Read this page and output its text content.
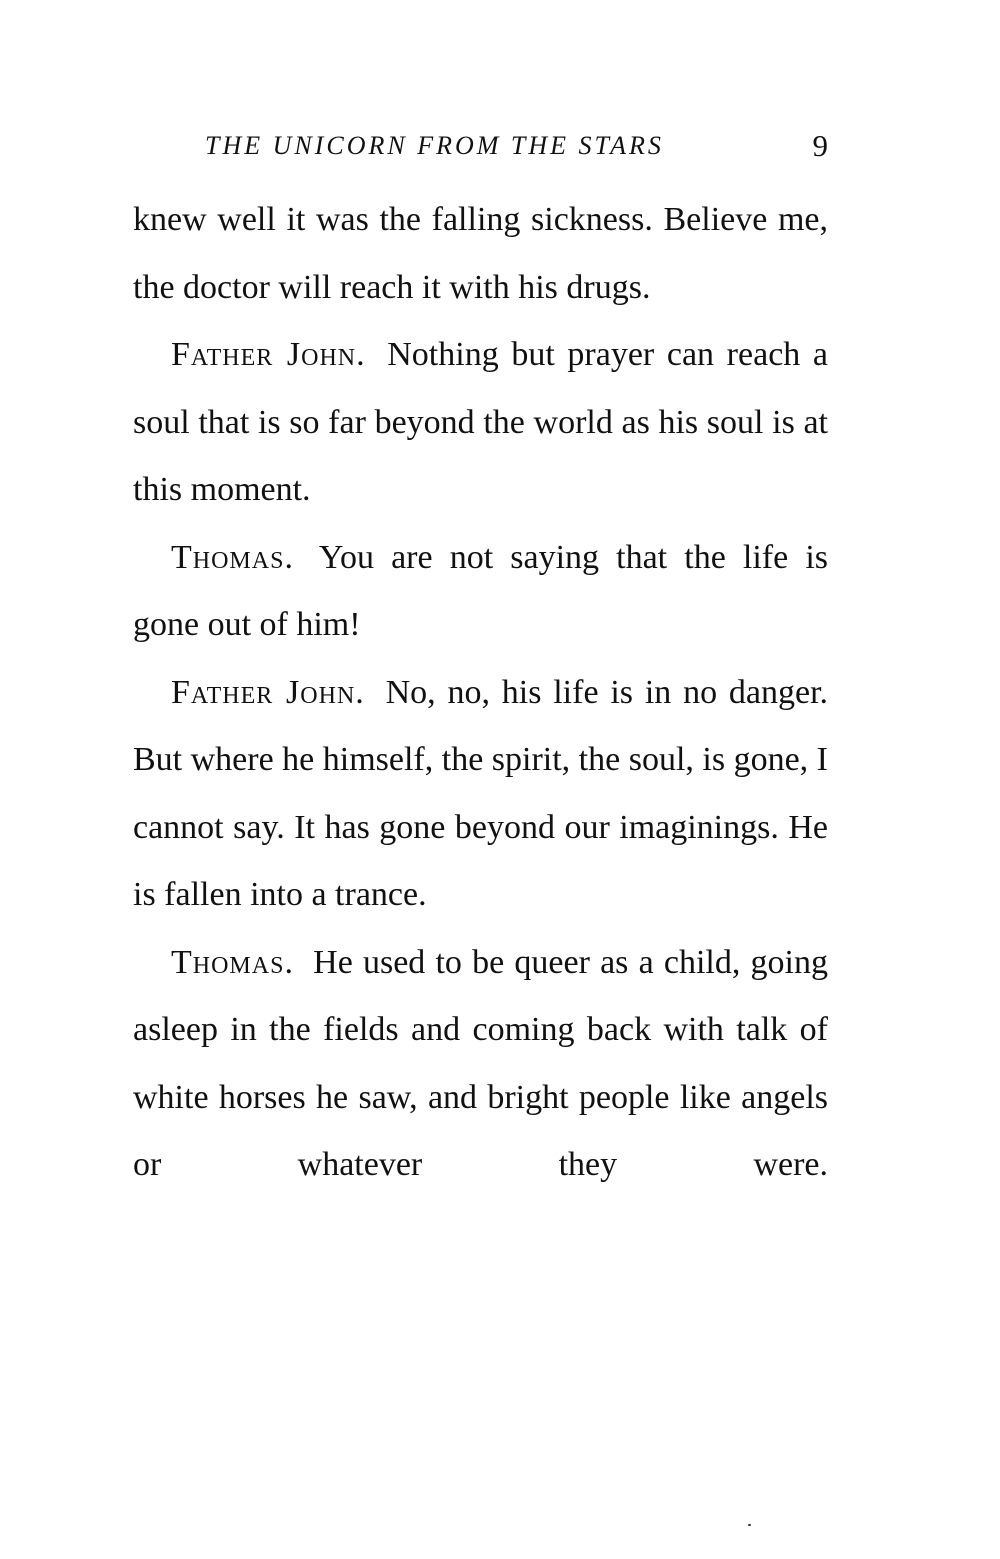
THE UNICORN FROM THE STARS	9

knew well it was the falling sickness. Believe me, the doctor will reach it with his drugs.

Father John. Nothing but prayer can reach a soul that is so far beyond the world as his soul is at this moment.

Thomas. You are not saying that the life is gone out of him!

Father John. No, no, his life is in no danger. But where he himself, the spirit, the soul, is gone, I cannot say. It has gone beyond our imaginings. He is fallen into a trance.

Thomas. He used to be queer as a child, going asleep in the fields and coming back with talk of white horses he saw, and bright people like angels or whatever they were.
